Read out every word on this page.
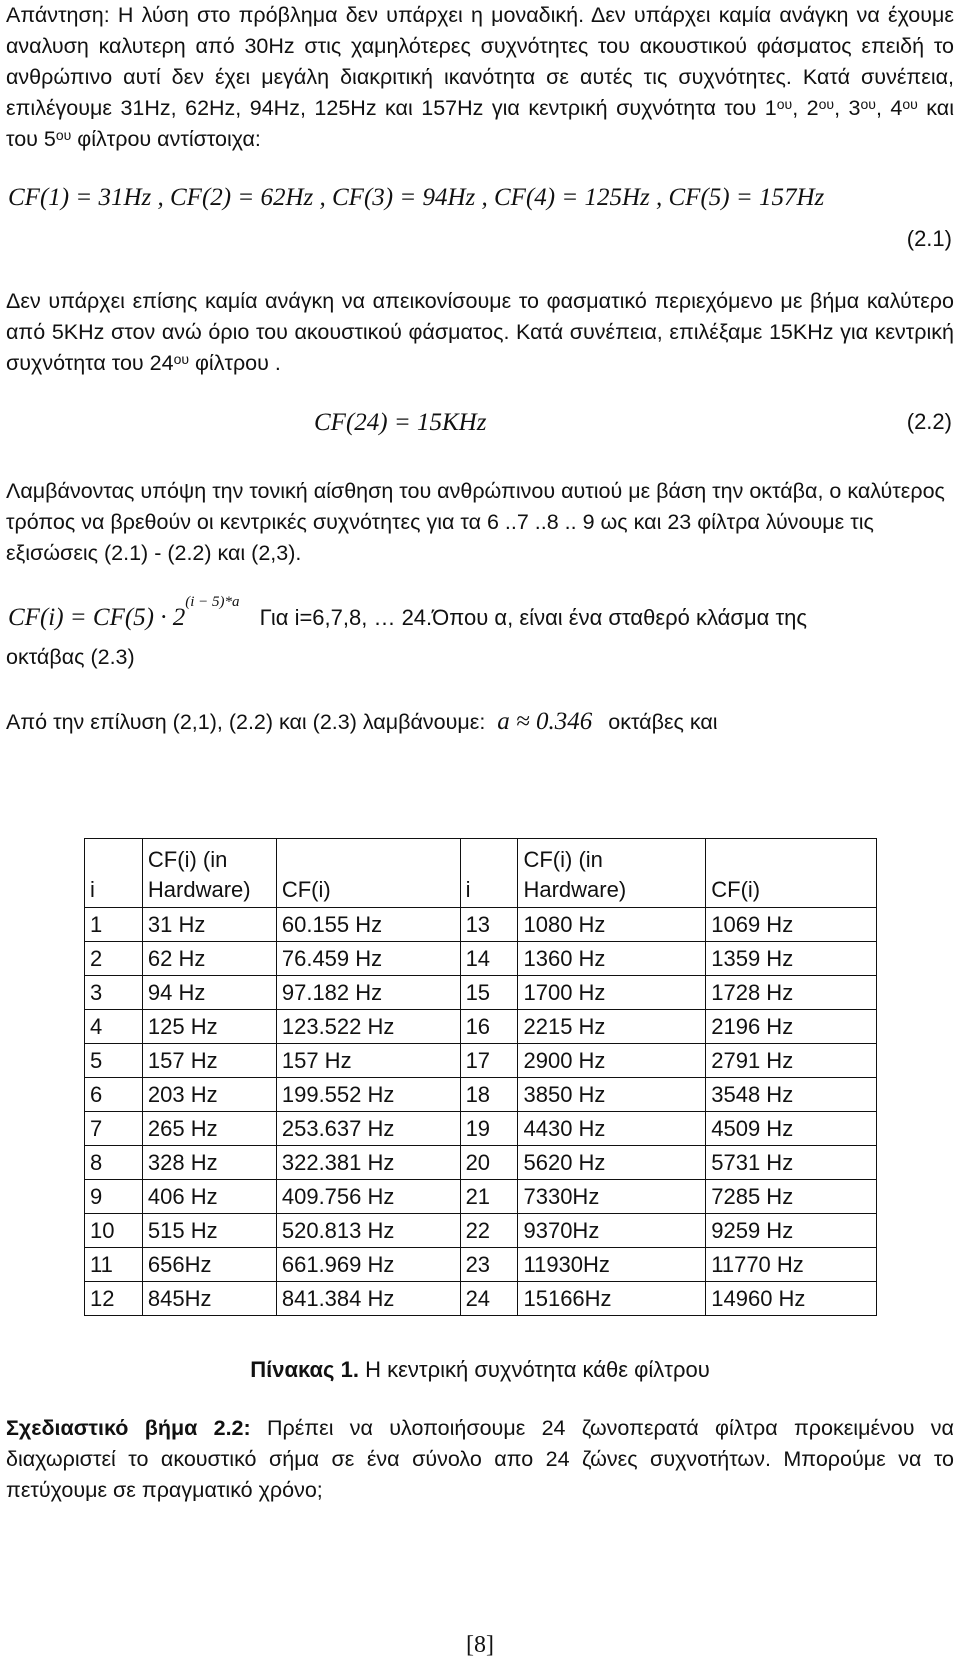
Απάντηση: Η λύση στο πρόβλημα δεν υπάρχει η μοναδική. Δεν υπάρχει καμία ανάγκη να έχουμε αναλυση καλυτερη από 30Hz στις χαμηλότερες συχνότητες του ακουστικού φάσματος επειδή το ανθρώπινο αυτί δεν έχει μεγάλη διακριτική ικανότητα σε αυτές τις συχνότητες. Κατά συνέπεια, επιλέγουμε 31Hz, 62Hz, 94Hz, 125Hz και 157Hz για κεντρική συχνότητα του $1^{o\upsilon}$, $2^{o\upsilon}$, $3^{o\upsilon}$, $4^{o\upsilon}$ και του $5^{o\upsilon}$ φίλτρου αντίστοιχα:
CF(1) = 31Hz , CF(2) = 62Hz , CF(3) = 94Hz , CF(4) = 125Hz , CF(5) = 157Hz
(2.1)
Δεν υπάρχει επίσης καμία ανάγκη να απεικονίσουμε το φασματικό περιεχόμενο με βήμα καλύτερο από 5KHz στον ανώ όριο του ακουστικού φάσματος. Κατά συνέπεια, επιλέξαμε 15KHz για κεντρική συχνότητα του $24^{o\upsilon}$ φίλτρου .
CF(24) = 15KHz	(2.2)
Λαμβάνοντας υπόψη την τονική αίσθηση του ανθρώπινου αυτιού με βάση την οκτάβα, ο καλύτερος τρόπος να βρεθούν οι κεντρικές συχνότητες για τα 6 ..7 ..8 .. 9 ως και 23 φίλτρα λύνουμε τις εξισώσεις (2.1) - (2.2) και (2,3).
$CF(i) = CF(5) \cdot 2^{(i - 5)*a}$ Για i=6,7,8, … 24.Όπου α, είναι ένα σταθερό κλάσμα της
οκτάβας (2.3)
Από την επίλυση (2,1), (2.2) και (2.3) λαμβάνουμε: a ≈ 0.346 οκτάβες και
i	CF(i) (in Hardware)	CF(i)	i	CF(i) (in Hardware)	CF(i)
1	31 Hz	60.155 Hz	13	1080 Hz	1069 Hz
2	62 Hz	76.459 Hz	14	1360 Hz	1359 Hz
3	94 Hz	97.182 Hz	15	1700 Hz	1728 Hz
4	125 Hz	123.522 Hz	16	2215 Hz	2196 Hz
5	157 Hz	157 Hz	17	2900 Hz	2791 Hz
6	203 Hz	199.552 Hz	18	3850 Hz	3548 Hz
7	265 Hz	253.637 Hz	19	4430 Hz	4509 Hz
8	328 Hz	322.381 Hz	20	5620 Hz	5731 Hz
9	406 Hz	409.756 Hz	21	7330Hz	7285 Hz
10	515 Hz	520.813 Hz	22	9370Hz	9259 Hz
11	656Hz	661.969 Hz	23	11930Hz	11770 Hz
12	845Hz	841.384 Hz	24	15166Hz	14960 Hz
Πίνακας 1. Η κεντρική συχνότητα κάθε φίλτρου
Σχεδιαστικό βήμα 2.2: Πρέπει να υλοποιήσουμε 24 ζωνοπερατά φίλτρα προκειμένου να διαχωριστεί το ακουστικό σήμα σε ένα σύνολο απο 24 ζώνες συχνοτήτων. Μπορούμε να το πετύχουμε σε πραγματικό χρόνο;
[8]
